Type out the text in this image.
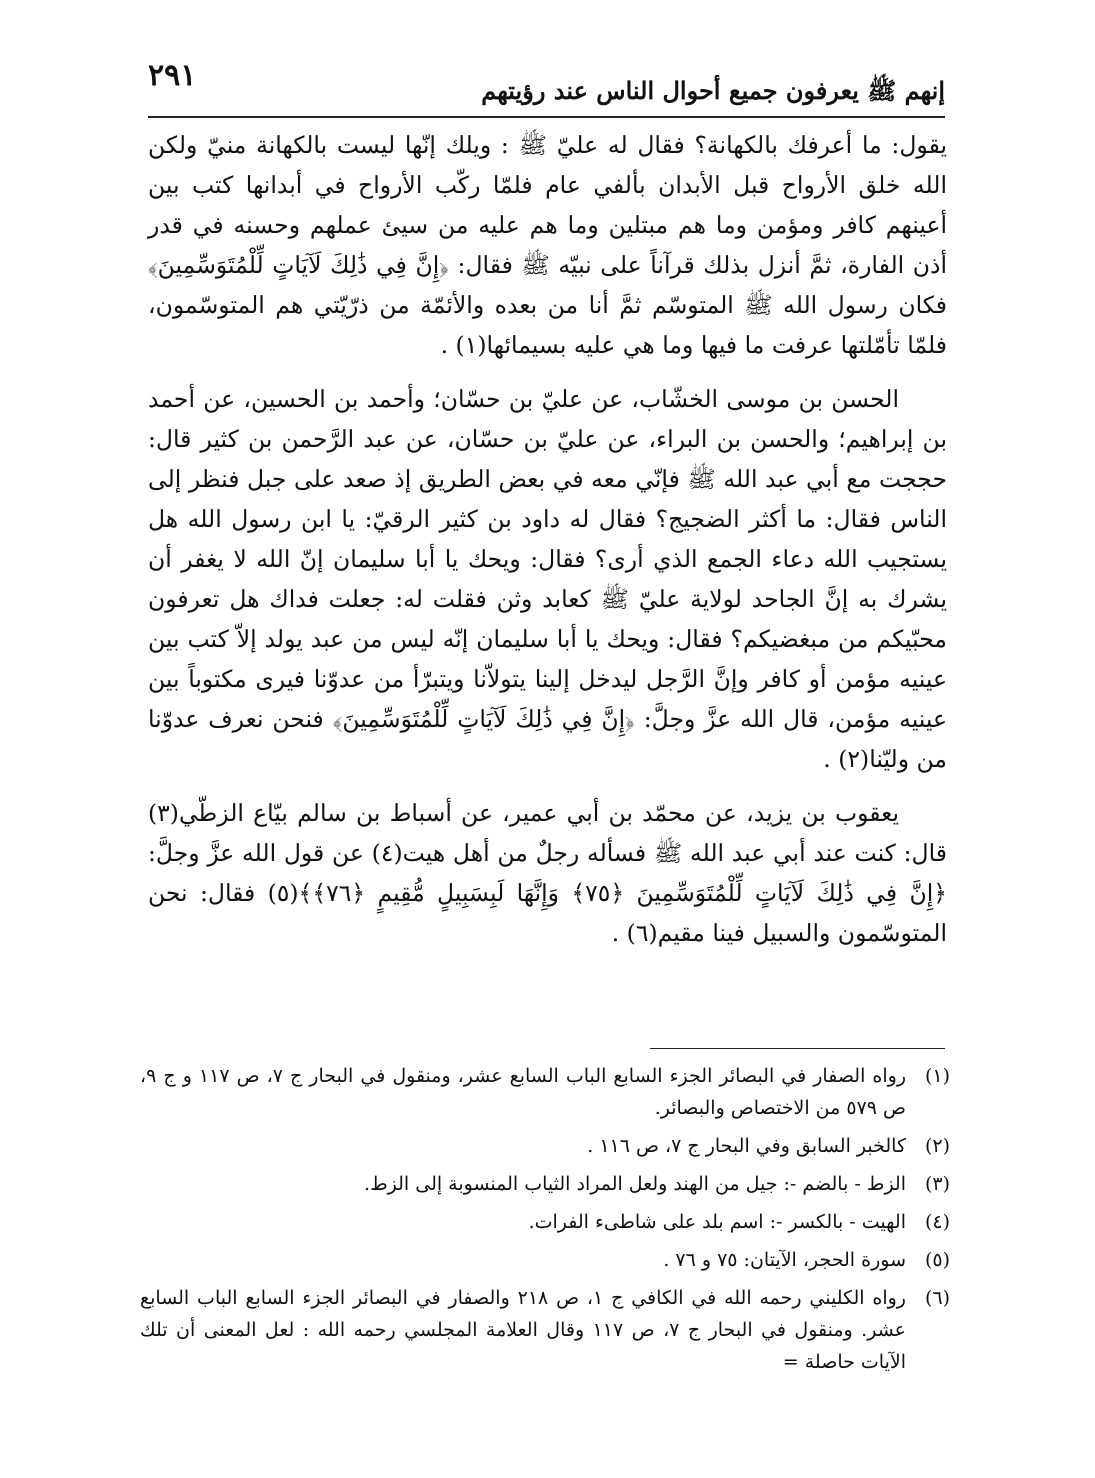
٢٩١	إنهم ﷺ يعرفون جميع أحوال الناس عند رؤيتهم

يقول: ما أعرفك بالكهانة؟ فقال له عليّ ﷺ : ويلك إنّها ليست بالكهانة منيّ ولكن الله خلق الأرواح قبل الأبدان بألفي عام فلمّا ركّب الأرواح في أبدانها كتب بين أعينهم كافر ومؤمن وما هم مبتلين وما هم عليه من سيئ عملهم وحسنه في قدر أذن الفارة، ثمَّ أنزل بذلك قرآناً على نبيّه ﷺ فقال: ﴿إِنَّ فِي ذَٰلِكَ لَآيَاتٍ لِّلْمُتَوَسِّمِينَ﴾ فكان رسول الله ﷺ المتوسّم ثمَّ أنا من بعده والأئمّة من ذرّيّتي هم المتوسّمون، فلمّا تأمّلتها عرفت ما فيها وما هي عليه بسيمائها(١) .

الحسن بن موسى الخشّاب، عن عليّ بن حسّان؛ وأحمد بن الحسين، عن أحمد بن إبراهيم؛ والحسن بن البراء، عن عليّ بن حسّان، عن عبد الرَّحمن بن كثير قال: حججت مع أبي عبد الله ﷺ فإنّي معه في بعض الطريق إذ صعد على جبل فنظر إلى الناس فقال: ما أكثر الضجيج؟ فقال له داود بن كثير الرقيّ: يا ابن رسول الله هل يستجيب الله دعاء الجمع الذي أرى؟ فقال: ويحك يا أبا سليمان إنّ الله لا يغفر أن يشرك به إنَّ الجاحد لولاية عليّ ﷺ كعابد وثن فقلت له: جعلت فداك هل تعرفون محبّيكم من مبغضيكم؟ فقال: ويحك يا أبا سليمان إنّه ليس من عبد يولد إلاّ كتب بين عينيه مؤمن أو كافر وإنَّ الرَّجل ليدخل إلينا يتولاّنا ويتبرّأ من عدوّنا فيرى مكتوباً بين عينيه مؤمن، قال الله عزَّ وجلَّ: ﴿إِنَّ فِي ذَٰلِكَ لَآيَاتٍ لِّلْمُتَوَسِّمِينَ﴾ فنحن نعرف عدوّنا من وليّنا(٢) .

يعقوب بن يزيد، عن محمّد بن أبي عمير، عن أسباط بن سالم بيّاع الزطّي(٣) قال: كنت عند أبي عبد الله ﷺ فسأله رجلٌ من أهل هيت(٤) عن قول الله عزَّ وجلَّ: ﴿إِنَّ فِي ذَٰلِكَ لَآيَاتٍ لِّلْمُتَوَسِّمِينَ ﴿٧٥﴾ وَإِنَّهَا لَبِسَبِيلٍ مُّقِيمٍ ﴿٧٦﴾﴾(٥) فقال: نحن المتوسّمون والسبيل فينا مقيم(٦) .

(١)
رواه الصفار في البصائر الجزء السابع الباب السابع عشر، ومنقول في البحار ج ٧، ص ١١٧ و ج ٩، ص ٥٧٩ من الاختصاص والبصائر.
(٢)
كالخبر السابق وفي البحار ج ٧، ص ١١٦ .
(٣)
الزط - بالضم -: جيل من الهند ولعل المراد الثياب المنسوبة إلى الزط.
(٤)
الهيت - بالكسر -: اسم بلد على شاطىء الفرات.
(٥)
سورة الحجر، الآيتان: ٧٥ و ٧٦ .
(٦)
رواه الكليني رحمه الله في الكافي ج ١، ص ٢١٨ والصفار في البصائر الجزء السابع الباب السابع عشر. ومنقول في البحار ج ٧، ص ١١٧ وقال العلامة المجلسي رحمه الله : لعل المعنى أن تلك الآيات حاصلة =
